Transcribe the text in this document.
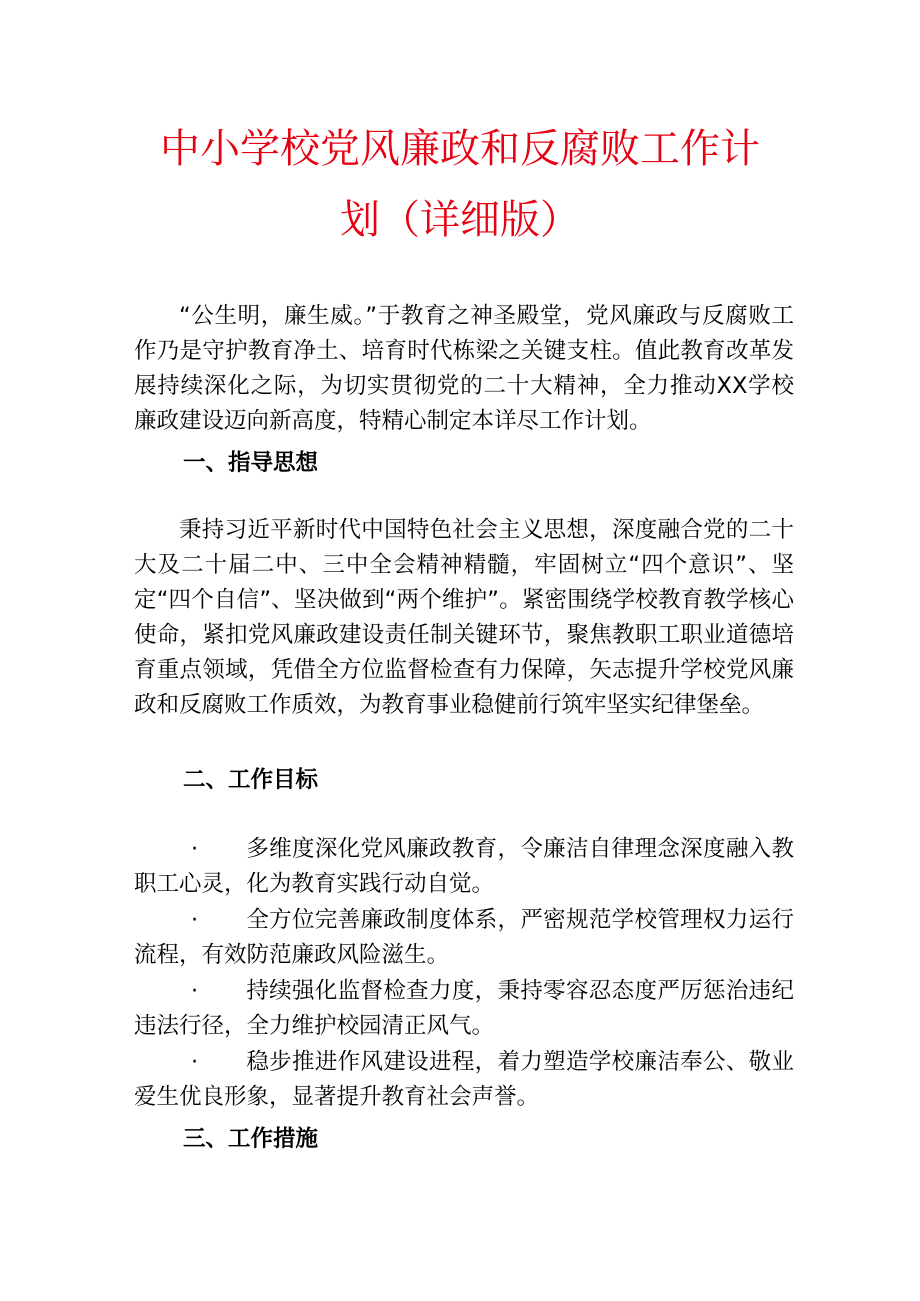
中小学校党风廉政和反腐败工作计
划（详细版）

“公生明，廉生威。”于教育之神圣殿堂，党风廉政与反腐败工作乃是守护教育净土、培育时代栋梁之关键支柱。值此教育改革发展持续深化之际，为切实贯彻党的二十大精神，全力推动XX学校廉政建设迈向新高度，特精心制定本详尽工作计划。

一、指导思想

秉持习近平新时代中国特色社会主义思想，深度融合党的二十大及二十届二中、三中全会精神精髓，牢固树立“四个意识”、坚定“四个自信”、坚决做到“两个维护”。紧密围绕学校教育教学核心使命，紧扣党风廉政建设责任制关键环节，聚焦教职工职业道德培育重点领域，凭借全方位监督检查有力保障，矢志提升学校党风廉政和反腐败工作质效，为教育事业稳健前行筑牢坚实纪律堡垒。

二、工作目标

· 多维度深化党风廉政教育，令廉洁自律理念深度融入教职工心灵，化为教育实践行动自觉。

· 全方位完善廉政制度体系，严密规范学校管理权力运行流程，有效防范廉政风险滋生。

· 持续强化监督检查力度，秉持零容忍态度严厉惩治违纪违法行径，全力维护校园清正风气。

· 稳步推进作风建设进程，着力塑造学校廉洁奉公、敬业爱生优良形象，显著提升教育社会声誉。

三、工作措施
